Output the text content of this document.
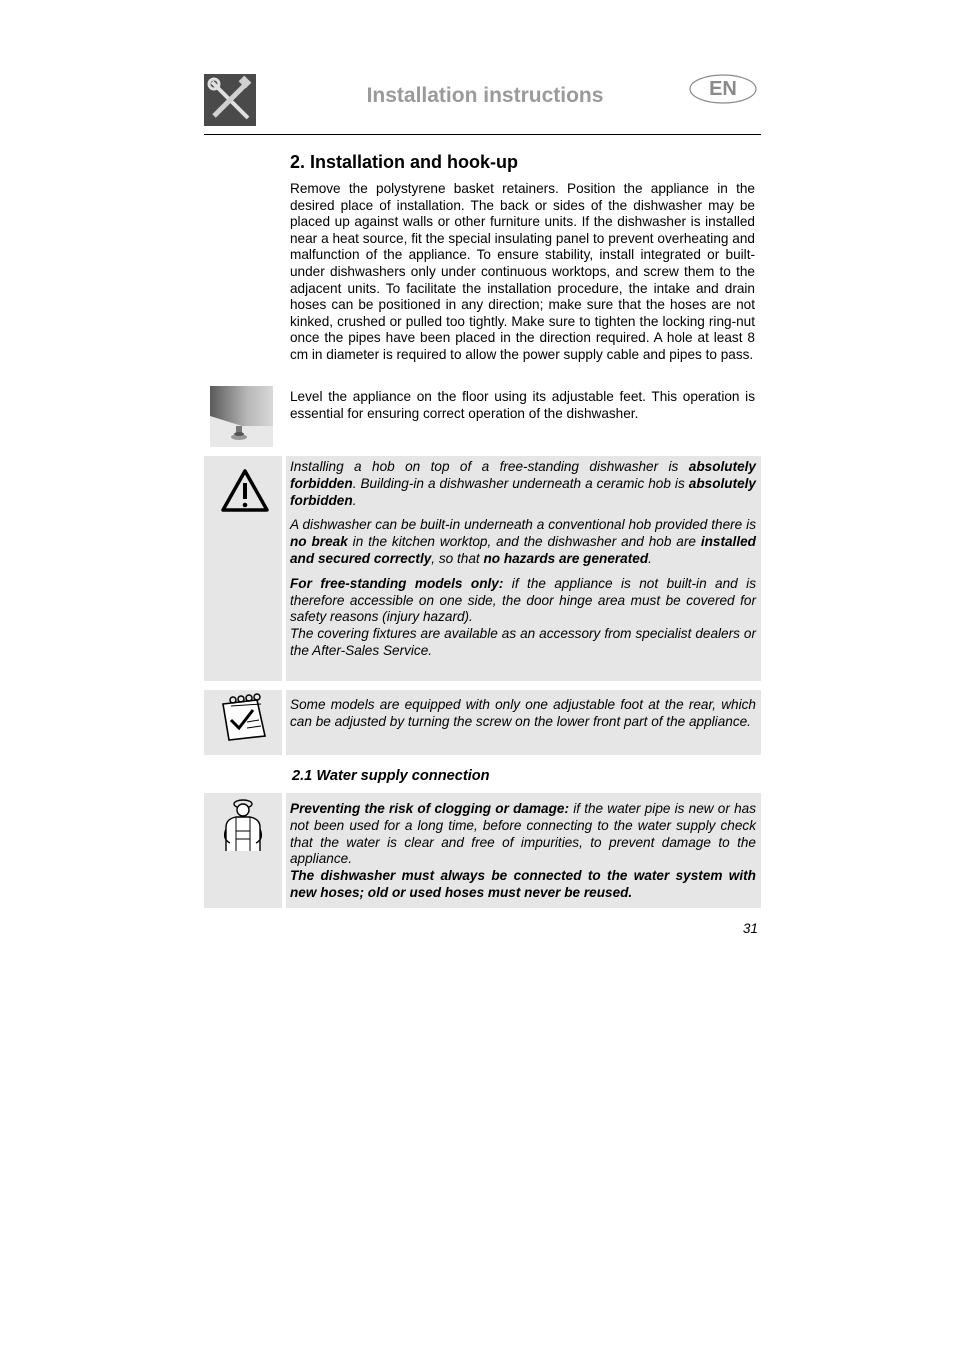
Installation instructions	EN
2. Installation and hook-up

Remove the polystyrene basket retainers. Position the appliance in the desired place of installation. The back or sides of the dishwasher may be placed up against walls or other furniture units. If the dishwasher is installed near a heat source, fit the special insulating panel to prevent overheating and malfunction of the appliance. To ensure stability, install integrated or built-under dishwashers only under continuous worktops, and screw them to the adjacent units. To facilitate the installation procedure, the intake and drain hoses can be positioned in any direction; make sure that the hoses are not kinked, crushed or pulled too tightly. Make sure to tighten the locking ring-nut once the pipes have been placed in the direction required. A hole at least 8 cm in diameter is required to allow the power supply cable and pipes to pass.

Level the appliance on the floor using its adjustable feet. This operation is essential for ensuring correct operation of the dishwasher.

Installing a hob on top of a free-standing dishwasher is absolutely forbidden. Building-in a dishwasher underneath a ceramic hob is absolutely forbidden.

A dishwasher can be built-in underneath a conventional hob provided there is no break in the kitchen worktop, and the dishwasher and hob are installed and secured correctly, so that no hazards are generated.

For free-standing models only: if the appliance is not built-in and is therefore accessible on one side, the door hinge area must be covered for safety reasons (injury hazard).

The covering fixtures are available as an accessory from specialist dealers or the After-Sales Service.

Some models are equipped with only one adjustable foot at the rear, which can be adjusted by turning the screw on the lower front part of the appliance.

2.1 Water supply connection

Preventing the risk of clogging or damage: if the water pipe is new or has not been used for a long time, before connecting to the water supply check that the water is clear and free of impurities, to prevent damage to the appliance.

The dishwasher must always be connected to the water system with new hoses; old or used hoses must never be reused.

31
